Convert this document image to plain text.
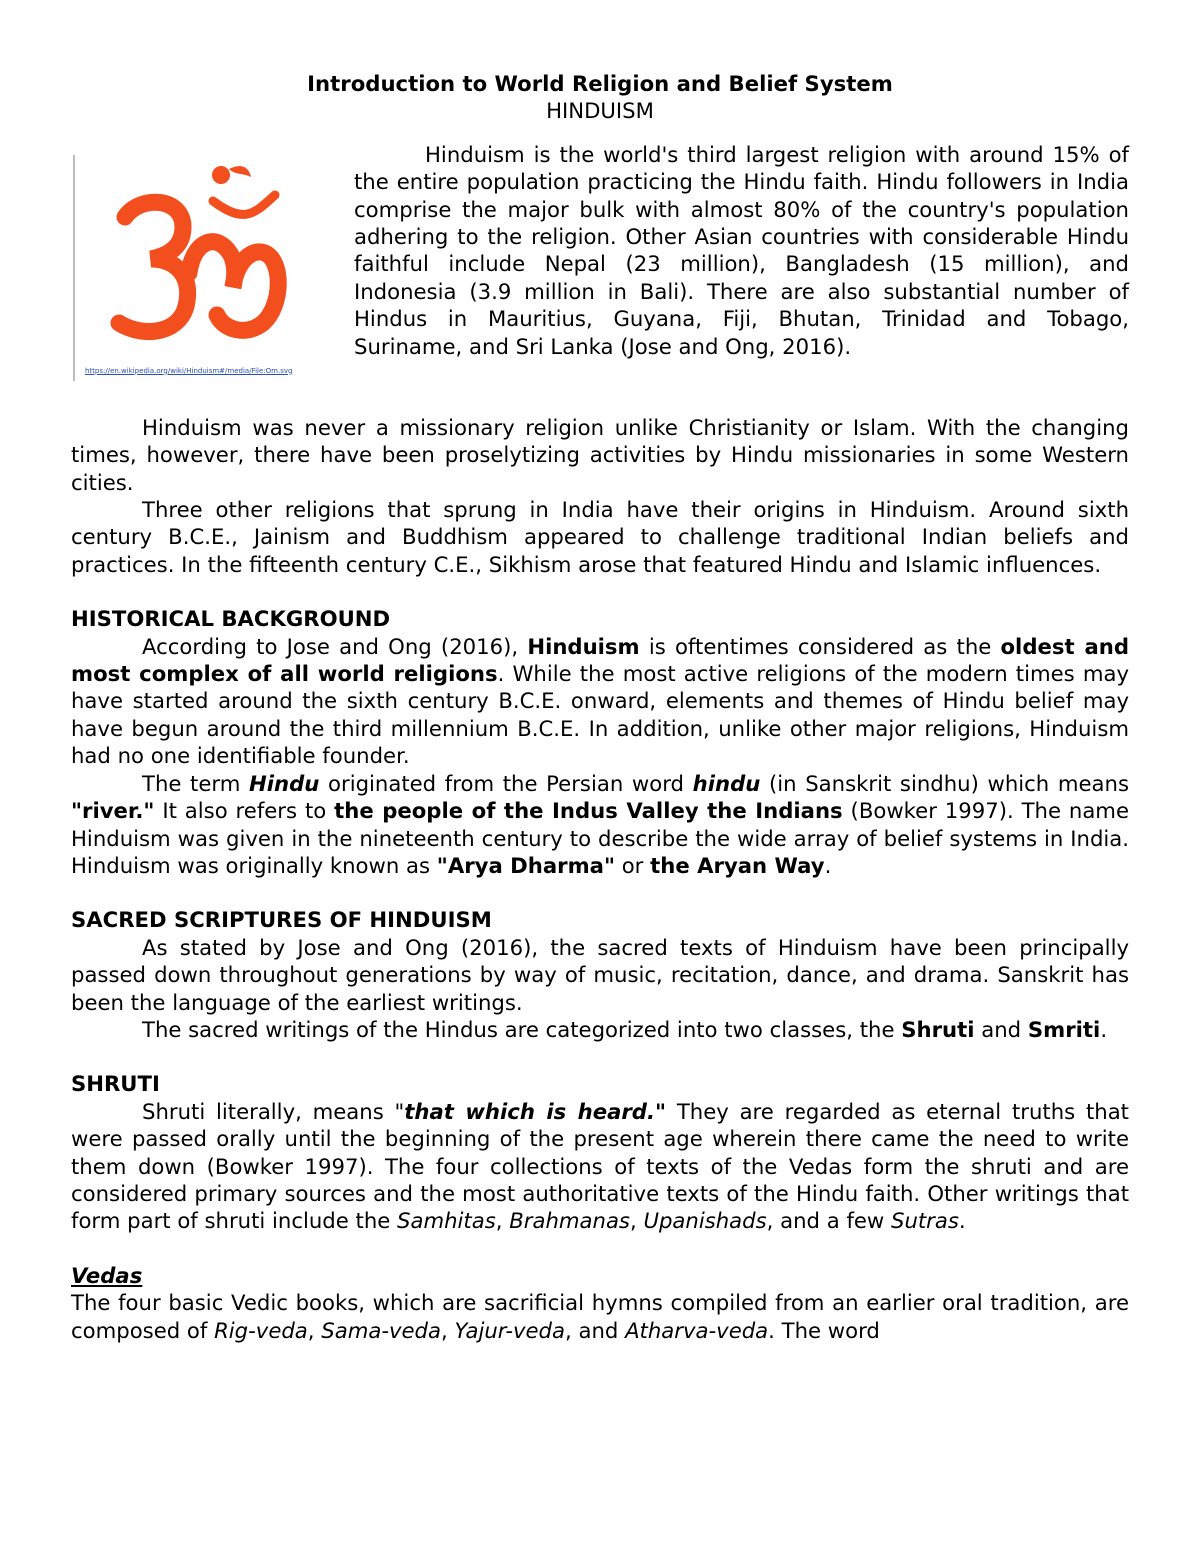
Introduction to World Religion and Belief System
HINDUISM
https://en.wikipedia.org/wiki/Hinduism#/media/File:Om.svg

Hinduism is the world's third largest religion with around 15% of the entire population practicing the Hindu faith. Hindu followers in India comprise the major bulk with almost 80% of the country's population adhering to the religion. Other Asian countries with considerable Hindu faithful include Nepal (23 million), Bangladesh (15 million), and Indonesia (3.9 million in Bali). There are also substantial number of Hindus in Mauritius, Guyana, Fiji, Bhutan, Trinidad and Tobago, Suriname, and Sri Lanka (Jose and Ong, 2016).

Hinduism was never a missionary religion unlike Christianity or Islam. With the changing times, however, there have been proselytizing activities by Hindu missionaries in some Western cities.

Three other religions that sprung in India have their origins in Hinduism. Around sixth century B.C.E., Jainism and Buddhism appeared to challenge traditional Indian beliefs and practices. In the fifteenth century C.E., Sikhism arose that featured Hindu and Islamic influences.

HISTORICAL BACKGROUND

According to Jose and Ong (2016), Hinduism is oftentimes considered as the oldest and most complex of all world religions. While the most active religions of the modern times may have started around the sixth century B.C.E. onward, elements and themes of Hindu belief may have begun around the third millennium B.C.E. In addition, unlike other major religions, Hinduism had no one identifiable founder.

The term Hindu originated from the Persian word hindu (in Sanskrit sindhu) which means "river." It also refers to the people of the Indus Valley the Indians (Bowker 1997). The name Hinduism was given in the nineteenth century to describe the wide array of belief systems in India. Hinduism was originally known as "Arya Dharma" or the Aryan Way.

SACRED SCRIPTURES OF HINDUISM

As stated by Jose and Ong (2016), the sacred texts of Hinduism have been principally passed down throughout generations by way of music, recitation, dance, and drama. Sanskrit has been the language of the earliest writings.

The sacred writings of the Hindus are categorized into two classes, the Shruti and Smriti.

SHRUTI

Shruti literally, means "that which is heard." They are regarded as eternal truths that were passed orally until the beginning of the present age wherein there came the need to write them down (Bowker 1997). The four collections of texts of the Vedas form the shruti and are considered primary sources and the most authoritative texts of the Hindu faith. Other writings that form part of shruti include the Samhitas, Brahmanas, Upanishads, and a few Sutras.

Vedas

The four basic Vedic books, which are sacrificial hymns compiled from an earlier oral tradition, are composed of Rig-veda, Sama-veda, Yajur-veda, and Atharva-veda. The word
